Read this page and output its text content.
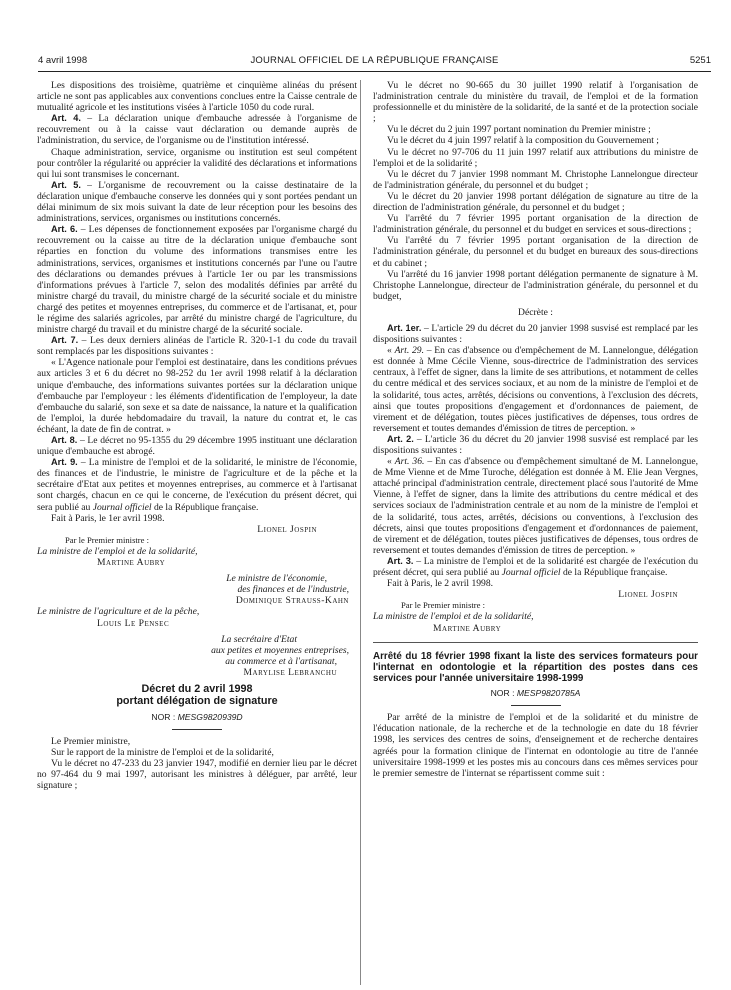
4 avril 1998	JOURNAL OFFICIEL DE LA RÉPUBLIQUE FRANÇAISE	5251

Les dispositions des troisième, quatrième et cinquième alinéas du présent article ne sont pas applicables aux conventions conclues entre la Caisse centrale de mutualité agricole et les institutions visées à l'article 1050 du code rural.

Art. 4. – La déclaration unique d'embauche adressée à l'organisme de recouvrement ou à la caisse vaut déclaration ou demande auprès de l'administration, du service, de l'organisme ou de l'institution intéressé.

Chaque administration, service, organisme ou institution est seul compétent pour contrôler la régularité ou apprécier la validité des déclarations et informations qui lui sont transmises le concernant.

Art. 5. – L'organisme de recouvrement ou la caisse destinataire de la déclaration unique d'embauche conserve les données qui y sont portées pendant un délai minimum de six mois suivant la date de leur réception pour les besoins des administrations, services, organismes ou institutions concernés.

Art. 6. – Les dépenses de fonctionnement exposées par l'organisme chargé du recouvrement ou la caisse au titre de la déclaration unique d'embauche sont réparties en fonction du volume des informations transmises entre les administrations, services, organismes et institutions concernés par l'une ou l'autre des déclarations ou demandes prévues à l'article 1er ou par les transmissions d'informations prévues à l'article 7, selon des modalités définies par arrêté du ministre chargé du travail, du ministre chargé de la sécurité sociale et du ministre chargé des petites et moyennes entreprises, du commerce et de l'artisanat, et, pour le régime des salariés agricoles, par arrêté du ministre chargé de l'agriculture, du ministre chargé du travail et du ministre chargé de la sécurité sociale.

Art. 7. – Les deux derniers alinéas de l'article R. 320-1-1 du code du travail sont remplacés par les dispositions suivantes :

« L'Agence nationale pour l'emploi est destinataire, dans les conditions prévues aux articles 3 et 6 du décret no 98-252 du 1er avril 1998 relatif à la déclaration unique d'embauche, des informations suivantes portées sur la déclaration unique d'embauche par l'employeur : les éléments d'identification de l'employeur, la date d'embauche du salarié, son sexe et sa date de naissance, la nature et la qualification de l'emploi, la durée hebdomadaire du travail, la nature du contrat et, le cas échéant, la date de fin de contrat. »

Art. 8. – Le décret no 95-1355 du 29 décembre 1995 instituant une déclaration unique d'embauche est abrogé.

Art. 9. – La ministre de l'emploi et de la solidarité, le ministre de l'économie, des finances et de l'industrie, le ministre de l'agriculture et de la pêche et la secrétaire d'Etat aux petites et moyennes entreprises, au commerce et à l'artisanat sont chargés, chacun en ce qui le concerne, de l'exécution du présent décret, qui sera publié au Journal officiel de la République française.

Fait à Paris, le 1er avril 1998.

Lionel Jospin

Par le Premier ministre :

La ministre de l'emploi et de la solidarité,

Martine Aubry

Le ministre de l'économie,

des finances et de l'industrie,

Dominique Strauss-Kahn

Le ministre de l'agriculture et de la pêche,

Louis Le Pensec

La secrétaire d'Etat

aux petites et moyennes entreprises,

au commerce et à l'artisanat,

Marylise Lebranchu

Décret du 2 avril 1998

portant délégation de signature

NOR : MESG9820939D

Le Premier ministre,

Sur le rapport de la ministre de l'emploi et de la solidarité,

Vu le décret no 47-233 du 23 janvier 1947, modifié en dernier lieu par le décret no 97-464 du 9 mai 1997, autorisant les ministres à déléguer, par arrêté, leur signature ;

Vu le décret no 90-665 du 30 juillet 1990 relatif à l'organisation de l'administration centrale du ministère du travail, de l'emploi et de la formation professionnelle et du ministère de la solidarité, de la santé et de la protection sociale ;

Vu le décret du 2 juin 1997 portant nomination du Premier ministre ;

Vu le décret du 4 juin 1997 relatif à la composition du Gouvernement ;

Vu le décret no 97-706 du 11 juin 1997 relatif aux attributions du ministre de l'emploi et de la solidarité ;

Vu le décret du 7 janvier 1998 nommant M. Christophe Lannelongue directeur de l'administration générale, du personnel et du budget ;

Vu le décret du 20 janvier 1998 portant délégation de signature au titre de la direction de l'administration générale, du personnel et du budget ;

Vu l'arrêté du 7 février 1995 portant organisation de la direction de l'administration générale, du personnel et du budget en services et sous-directions ;

Vu l'arrêté du 7 février 1995 portant organisation de la direction de l'administration générale, du personnel et du budget en bureaux des sous-directions et du cabinet ;

Vu l'arrêté du 16 janvier 1998 portant délégation permanente de signature à M. Christophe Lannelongue, directeur de l'administration générale, du personnel et du budget,

Décrète :

Art. 1er. – L'article 29 du décret du 20 janvier 1998 susvisé est remplacé par les dispositions suivantes :

« Art. 29. – En cas d'absence ou d'empêchement de M. Lannelongue, délégation est donnée à Mme Cécile Vienne, sous-directrice de l'administration des services centraux, à l'effet de signer, dans la limite de ses attributions, et notamment de celles du centre médical et des services sociaux, et au nom de la ministre de l'emploi et de la solidarité, tous actes, arrêtés, décisions ou conventions, à l'exclusion des décrets, ainsi que toutes propositions d'engagement et d'ordonnances de paiement, de virement et de délégation, toutes pièces justificatives de dépenses, tous ordres de reversement et toutes demandes d'émission de titres de perception. »

Art. 2. – L'article 36 du décret du 20 janvier 1998 susvisé est remplacé par les dispositions suivantes :

« Art. 36. – En cas d'absence ou d'empêchement simultané de M. Lannelongue, de Mme Vienne et de Mme Turoche, délégation est donnée à M. Elie Jean Vergnes, attaché principal d'administration centrale, directement placé sous l'autorité de Mme Vienne, à l'effet de signer, dans la limite des attributions du centre médical et des services sociaux de l'administration centrale et au nom de la ministre de l'emploi et de la solidarité, tous actes, arrêtés, décisions ou conventions, à l'exclusion des décrets, ainsi que toutes propositions d'engagement et d'ordonnances de paiement, de virement et de délégation, toutes pièces justificatives de dépenses, tous ordres de reversement et toutes demandes d'émission de titres de perception. »

Art. 3. – La ministre de l'emploi et de la solidarité est chargée de l'exécution du présent décret, qui sera publié au Journal officiel de la République française.

Fait à Paris, le 2 avril 1998.

Lionel Jospin

Par le Premier ministre :

La ministre de l'emploi et de la solidarité,

Martine Aubry

Arrêté du 18 février 1998 fixant la liste des services formateurs pour l'internat en odontologie et la répartition des postes dans ces services pour l'année universitaire 1998-1999

NOR : MESP9820785A

Par arrêté de la ministre de l'emploi et de la solidarité et du ministre de l'éducation nationale, de la recherche et de la technologie en date du 18 février 1998, les services des centres de soins, d'enseignement et de recherche dentaires agréés pour la formation clinique de l'internat en odontologie au titre de l'année universitaire 1998-1999 et les postes mis au concours dans ces mêmes services pour le premier semestre de l'internat se répartissent comme suit :
